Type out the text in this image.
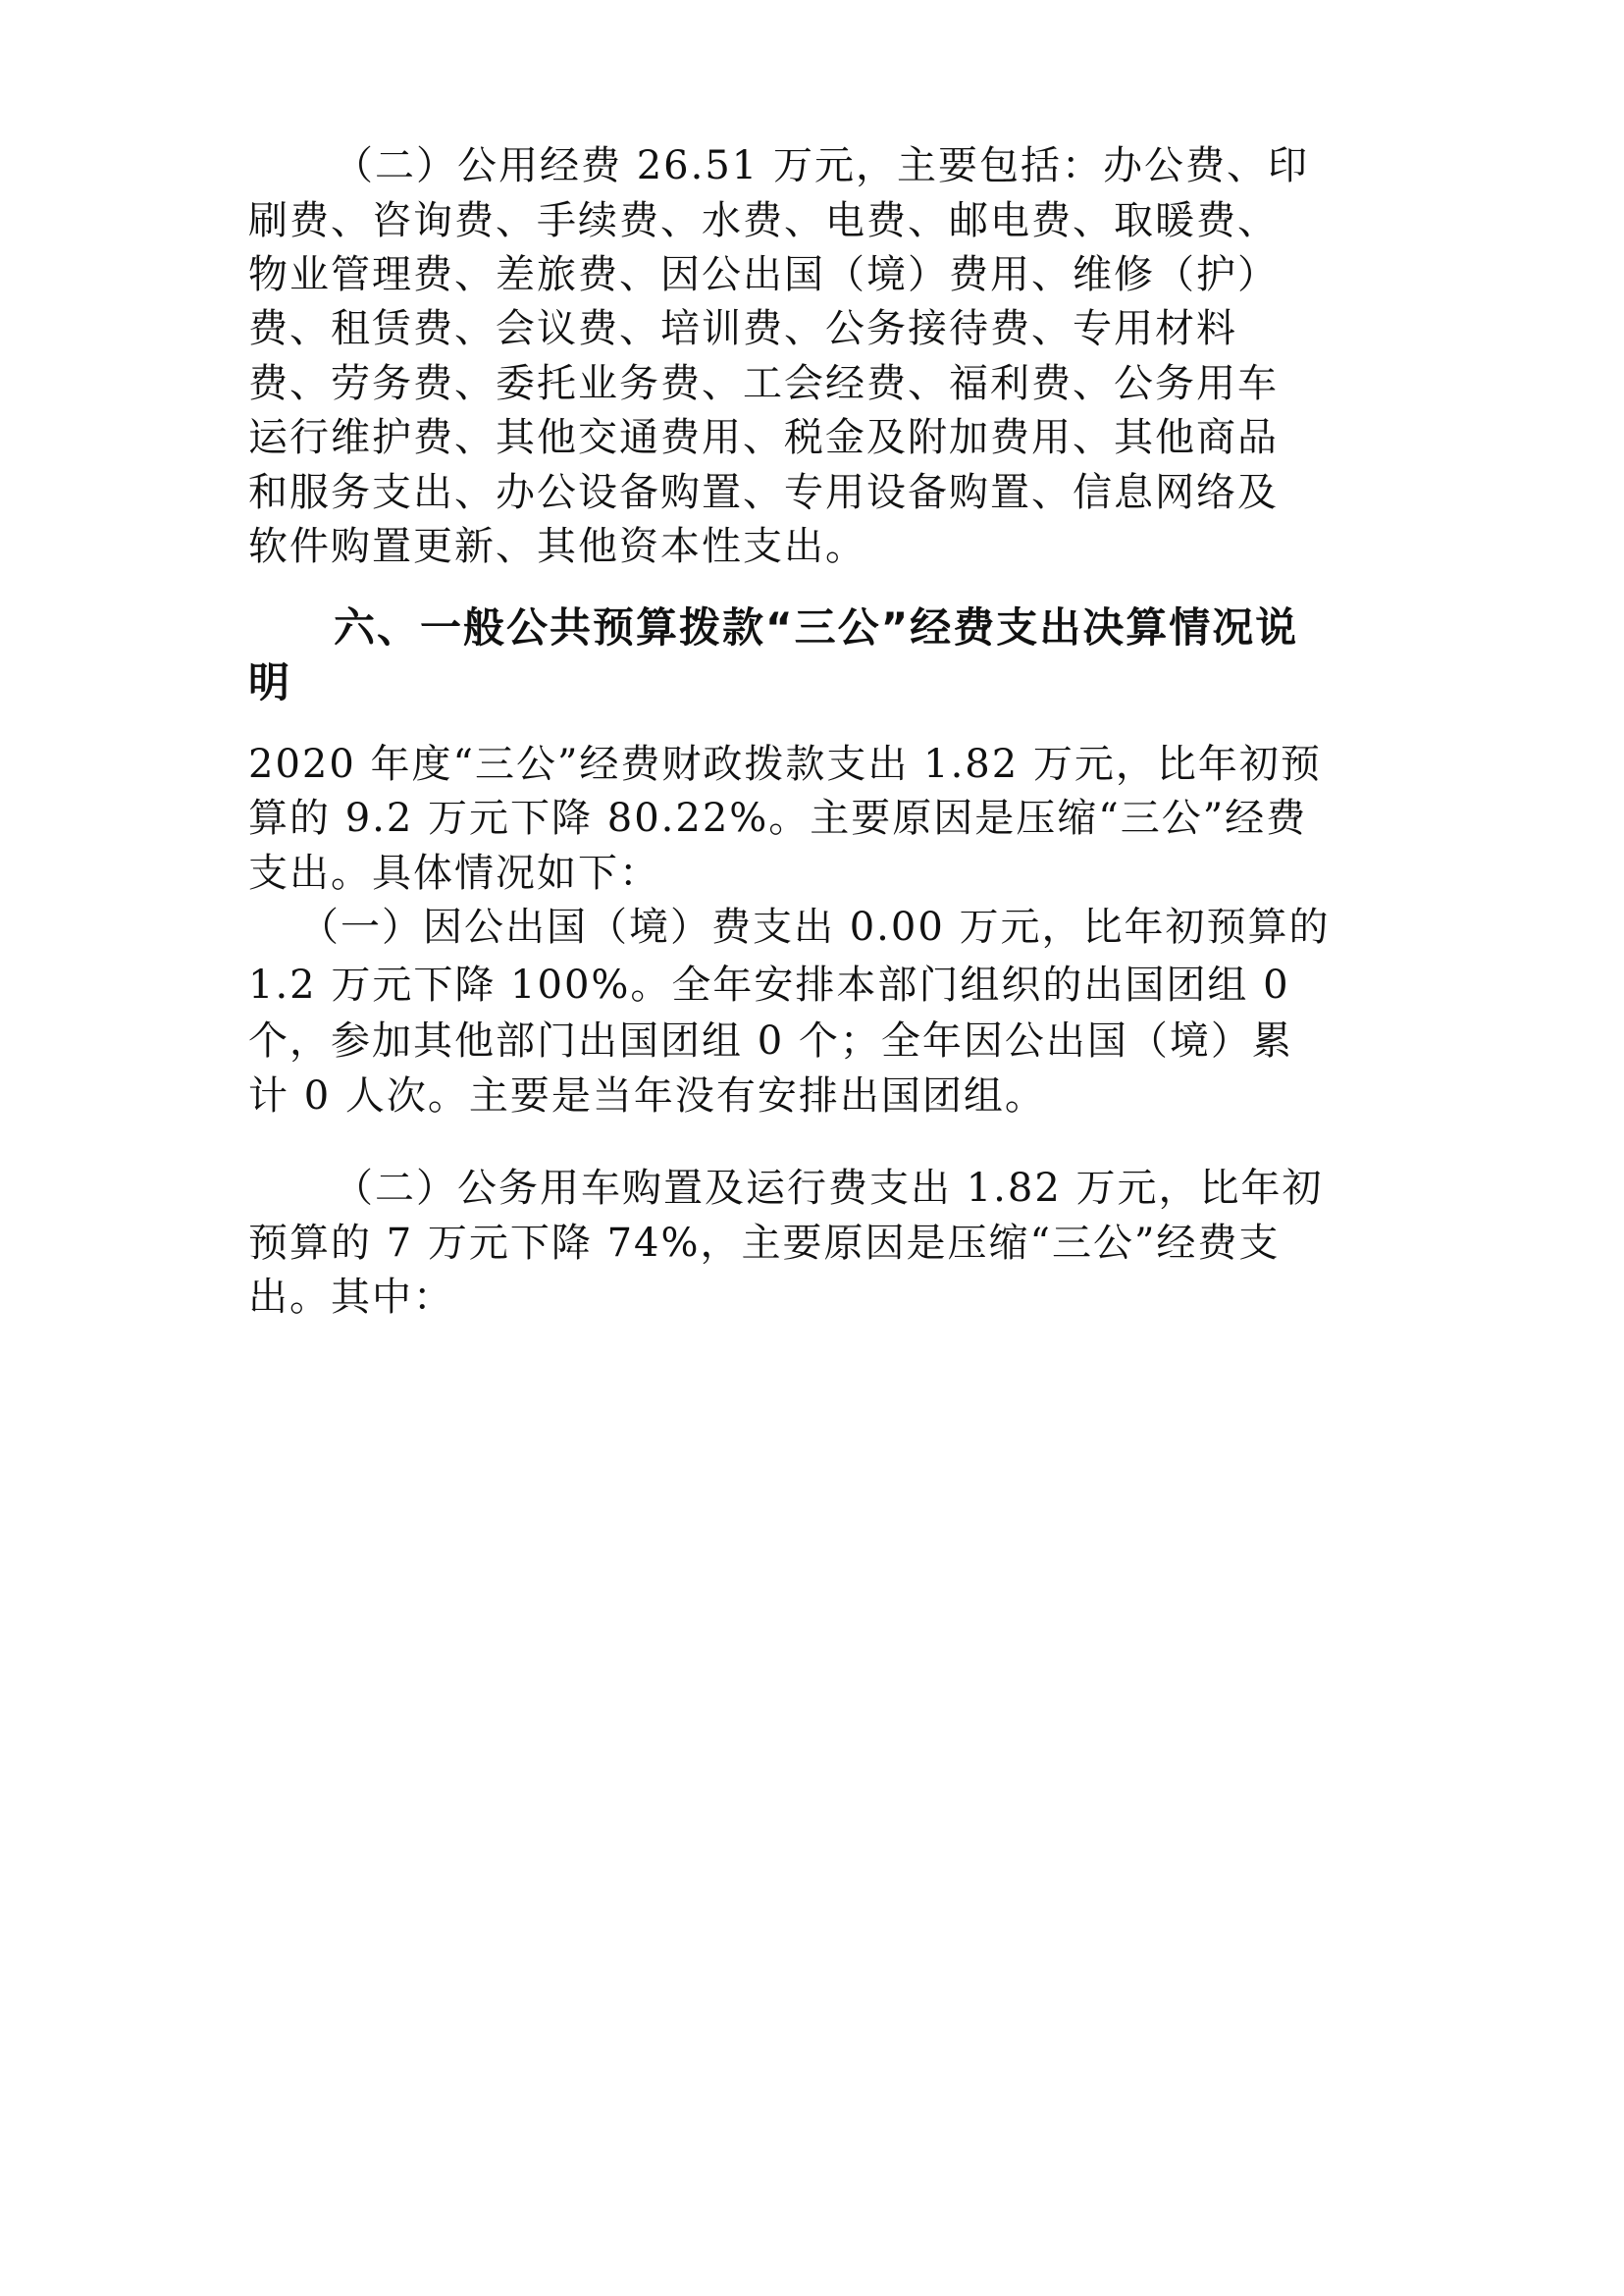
（二）公用经费 26.51 万元，主要包括：办公费、印

刷费、咨询费、手续费、水费、电费、邮电费、取暖费、

物业管理费、差旅费、因公出国（境）费用、维修（护）

费、租赁费、会议费、培训费、公务接待费、专用材料

费、劳务费、委托业务费、工会经费、福利费、公务用车

运行维护费、其他交通费用、税金及附加费用、其他商品

和服务支出、办公设备购置、专用设备购置、信息网络及

软件购置更新、其他资本性支出。

六、一般公共预算拨款“三公”经费支出决算情况说

明

2020 年度“三公”经费财政拨款支出 1.82 万元，比年初预

算的 9.2 万元下降 80.22%。主要原因是压缩“三公”经费

支出。具体情况如下：

（一）因公出国（境）费支出 0.00 万元，比年初预算的

1.2 万元下降 100%。全年安排本部门组织的出国团组 0

个，参加其他部门出国团组 0 个；全年因公出国（境）累

计 0 人次。主要是当年没有安排出国团组。

（二）公务用车购置及运行费支出 1.82 万元，比年初

预算的 7 万元下降 74%，主要原因是压缩“三公”经费支

出。其中：
